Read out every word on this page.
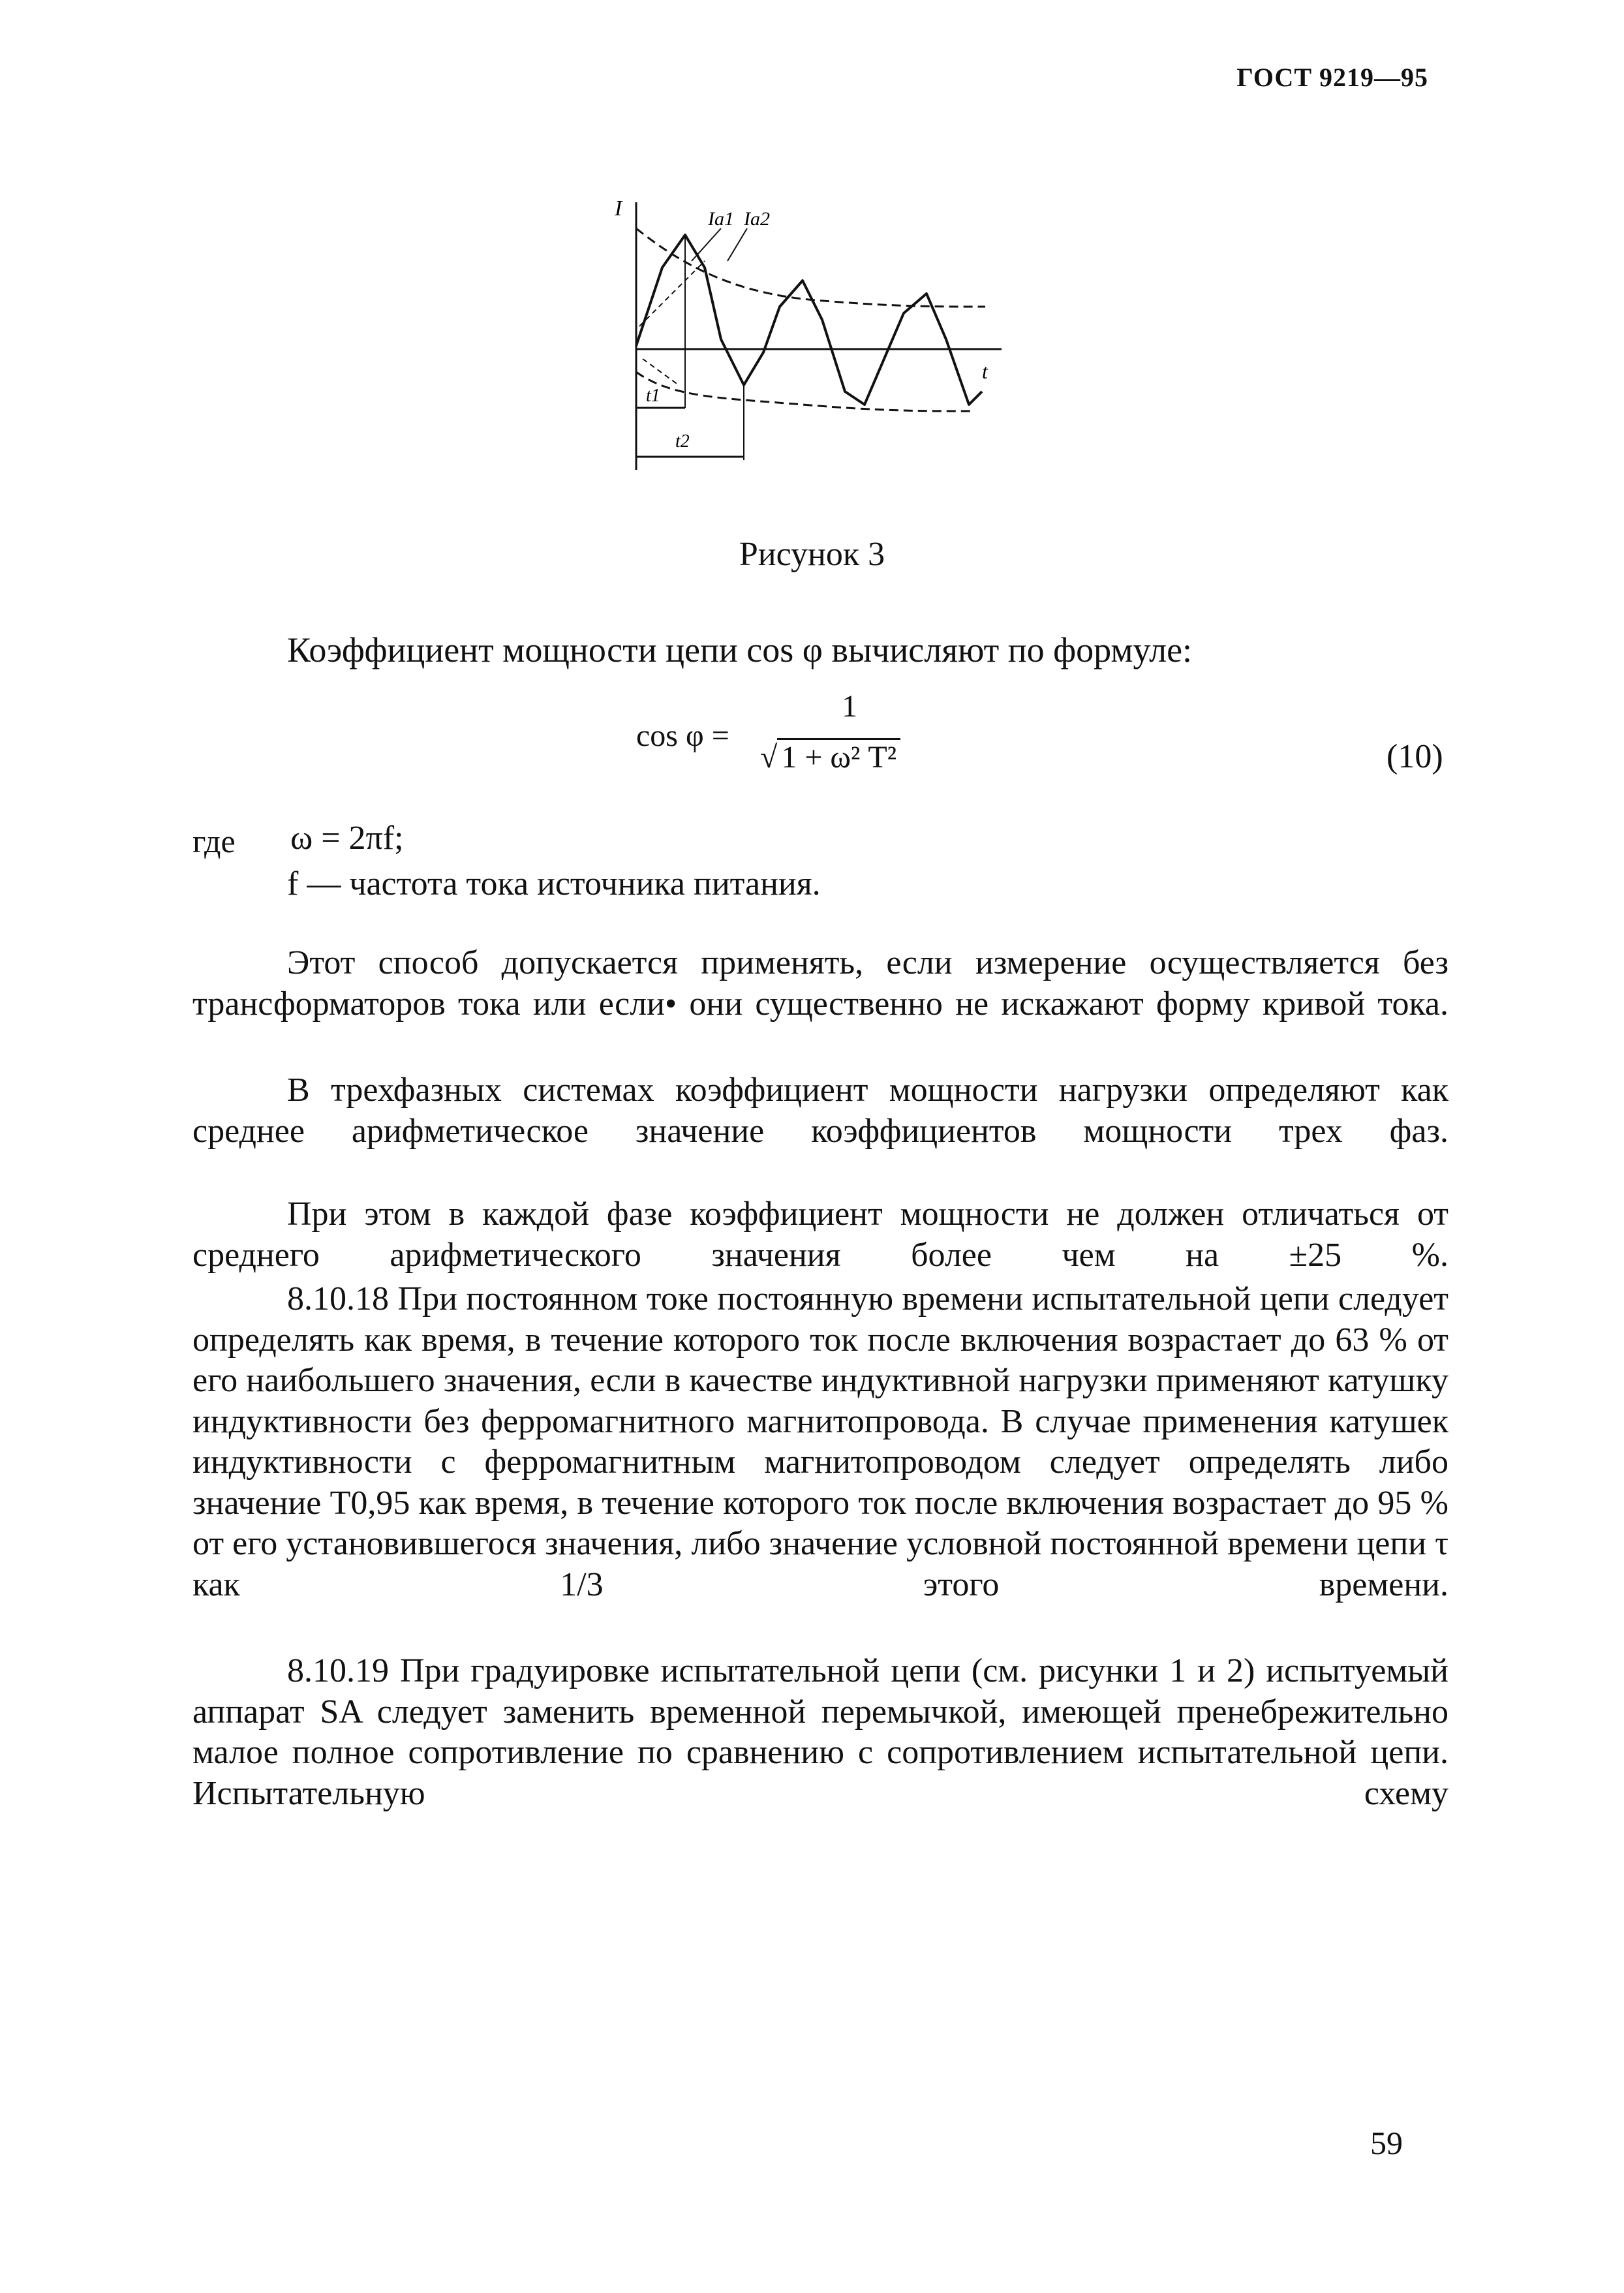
ГОСТ 9219—95
I
t
Ia1 Ia2
t1
t2
Рисунок 3
Коэффициент мощности цепи cos φ вычисляют по формуле:
cos φ =
1
√ 1 + ω² T²	(10)
где ω = 2πf;
f — частота тока источника питания.
Этот способ допускается применять, если измерение осуществляется без трансформаторов тока или если• они существенно не искажают форму кривой тока.
В трехфазных системах коэффициент мощности нагрузки определяют как среднее арифметическое значение коэффициентов мощности трех фаз.
При этом в каждой фазе коэффициент мощности не должен отличаться от среднего арифметического значения более чем на ±25 %.
8.10.18 При постоянном токе постоянную времени испытательной цепи следует определять как время, в течение которого ток после включения возрастает до 63 % от его наибольшего значения, если в качестве индуктивной нагрузки применяют катушку индуктивности без ферромагнитного магнитопровода. В случае применения катушек индуктивности с ферромагнитным магнитопроводом следует определять либо значение T0,95 как время, в течение которого ток после включения возрастает до 95 % от его установившегося значения, либо значение условной постоянной времени цепи τ как 1/3 этого времени.
8.10.19 При градуировке испытательной цепи (см. рисунки 1 и 2) испытуемый аппарат SA следует заменить временной перемычкой, имеющей пренебрежительно малое полное сопротивление по сравнению с сопротивлением испытательной цепи. Испытательную схему
59
